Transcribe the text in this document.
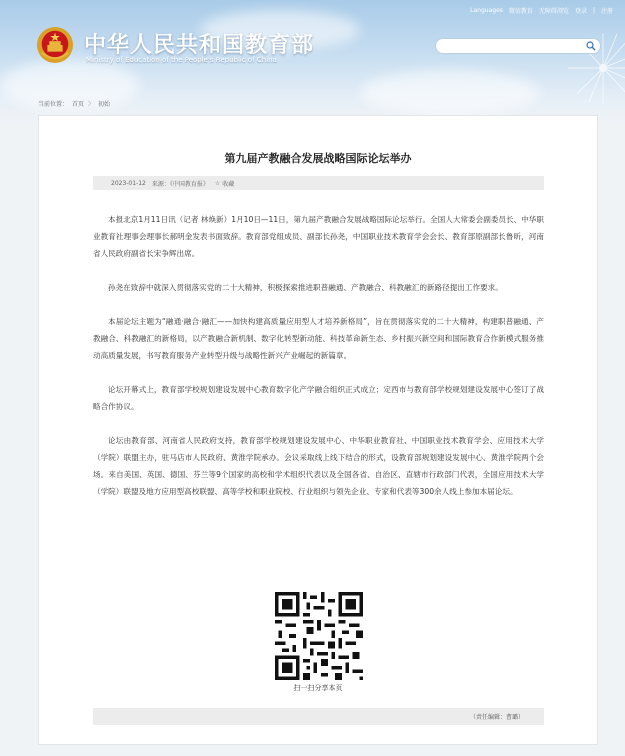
Languages 微信教育 无障碍浏览 登录 | 注册
中华人民共和国教育部
Ministry of Education of the People's Republic of China
当前位置： 首页 〉 初始
第九届产教融合发展战略国际论坛举办
2023-01-12 来源：《中国教育报》 ☆ 收藏

本报北京1月11日讯（记者 林焕新）1月10日—11日，第九届产教融合发展战略国际论坛举行。全国人大常委会副委员长、中华职业教育社理事会理事长郝明金发表书面致辞。教育部党组成员、副部长孙尧，中国职业技术教育学会会长、教育部原副部长鲁昕，河南省人民政府副省长宋争辉出席。

孙尧在致辞中就深入贯彻落实党的二十大精神，积极探索推进职普融通、产教融合、科教融汇的新路径提出工作要求。

本届论坛主题为“融通·融合·融汇——加快构建高质量应用型人才培养新格局”，旨在贯彻落实党的二十大精神，构建职普融通、产教融合、科教融汇的新格局，以产教融合新机制、数字化转型新动能、科技革命新生态、乡村振兴新空间和国际教育合作新模式服务推动高质量发展，书写教育服务产业转型升级与战略性新兴产业崛起的新篇章。

论坛开幕式上，教育部学校规划建设发展中心教育数字化产学融合组织正式成立；定西市与教育部学校规划建设发展中心签订了战略合作协议。

论坛由教育部、河南省人民政府支持，教育部学校规划建设发展中心、中华职业教育社、中国职业技术教育学会、应用技术大学（学院）联盟主办，驻马店市人民政府、黄淮学院承办。会议采取线上线下结合的形式，设教育部规划建设发展中心、黄淮学院两个会场。来自美国、英国、德国、芬兰等9个国家的高校和学术组织代表以及全国各省、自治区、直辖市行政部门代表，全国应用技术大学（学院）联盟及地方应用型高校联盟、高等学校和职业院校、行业组织与领先企业、专家和代表等300余人线上参加本届论坛。

扫一扫分享本页
（责任编辑：曹璐）
